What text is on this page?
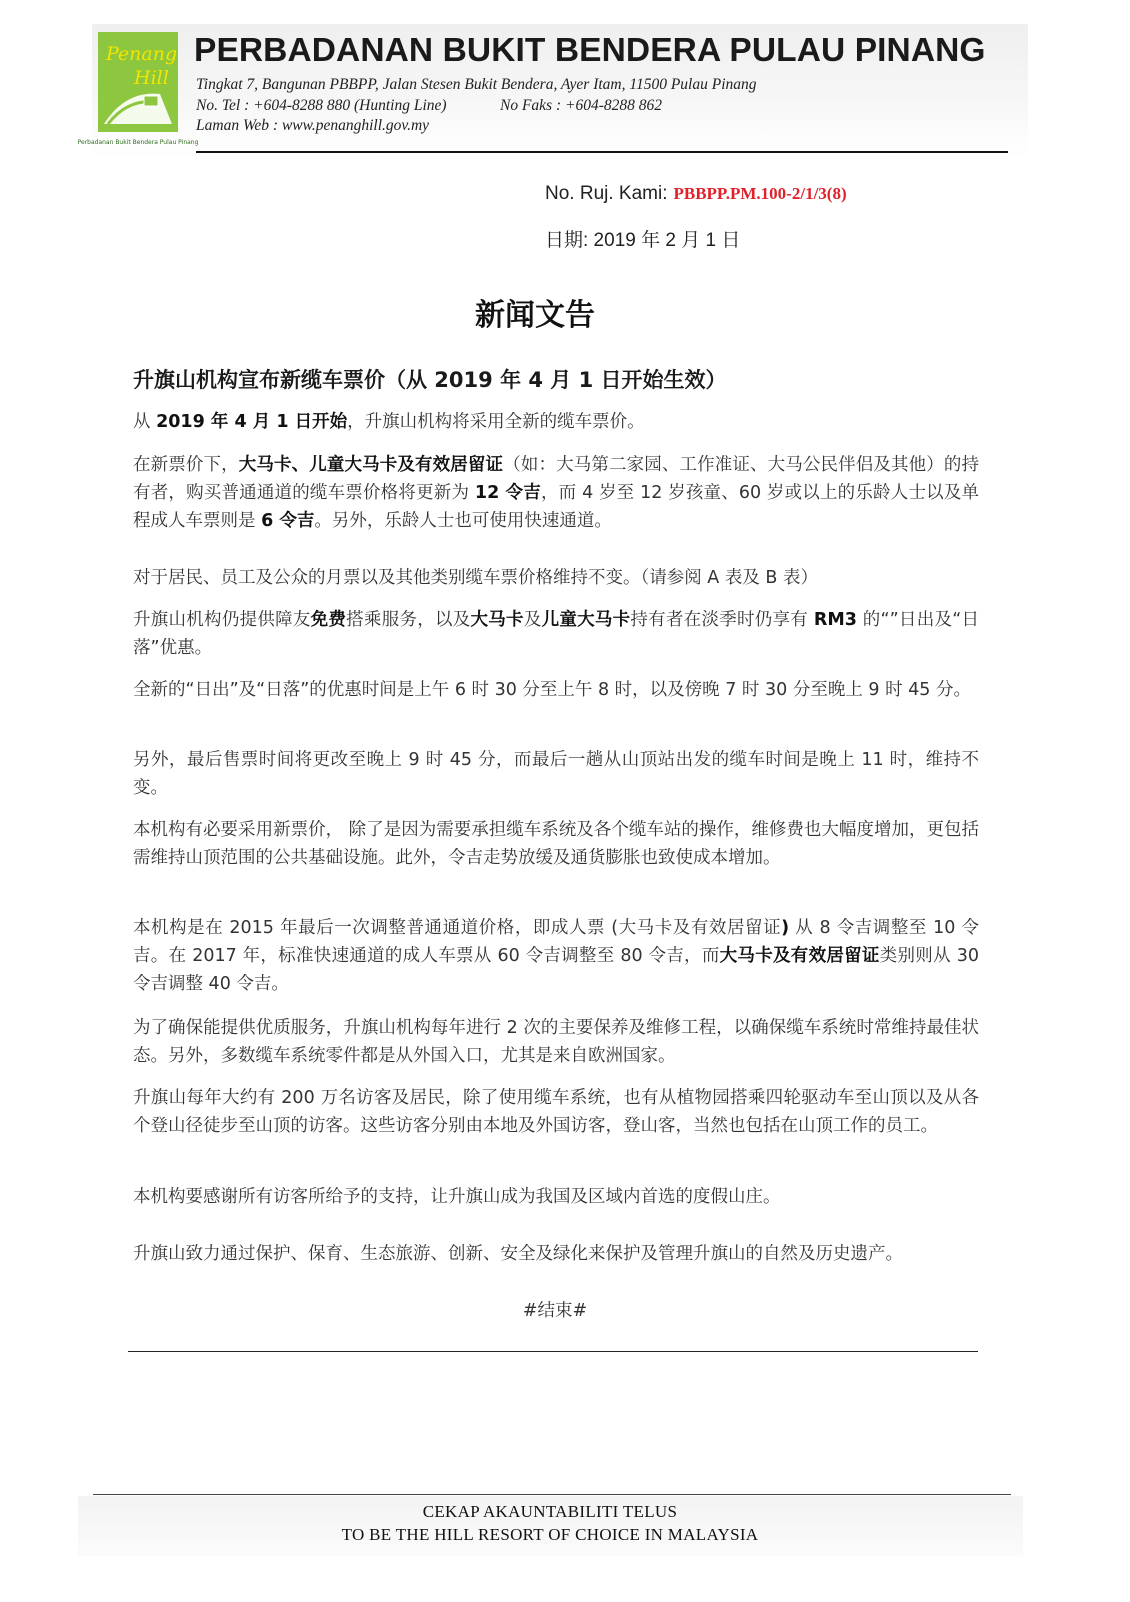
Penang
Hill
Perbadanan Bukit Bendera Pulau Pinang
PERBADANAN BUKIT BENDERA PULAU PINANG
Tingkat 7, Bangunan PBBPP, Jalan Stesen Bukit Bendera, Ayer Itam, 11500 Pulau Pinang
No. Tel : +604-8288 880 (Hunting Line)	No Faks : +604-8288 862
Laman Web : www.penanghill.gov.my
No. Ruj. Kami: PBBPP.PM.100-2/1/3(8)
日期: 2019 年 2 月 1 日
新闻文告
升旗山机构宣布新缆车票价（从 2019 年 4 月 1 日开始生效）
从 2019 年 4 月 1 日开始，升旗山机构将采用全新的缆车票价。
在新票价下，大马卡、儿童大马卡及有效居留证（如：大马第二家园、工作准证、大马公民伴侣及其他）的持有者，购买普通通道的缆车票价格将更新为 12 令吉，而 4 岁至 12 岁孩童、60 岁或以上的乐龄人士以及单程成人车票则是 6 令吉。另外，乐龄人士也可使用快速通道。
对于居民、员工及公众的月票以及其他类别缆车票价格维持不变。（请参阅 A 表及 B 表）
升旗山机构仍提供障友免费搭乘服务，以及大马卡及儿童大马卡持有者在淡季时仍享有 RM3 的“”日出及“日落”优惠。
全新的“日出”及“日落”的优惠时间是上午 6 时 30 分至上午 8 时，以及傍晚 7 时 30 分至晚上 9 时 45 分。
另外，最后售票时间将更改至晚上 9 时 45 分，而最后一趟从山顶站出发的缆车时间是晚上 11 时，维持不变。
本机构有必要采用新票价， 除了是因为需要承担缆车系统及各个缆车站的操作，维修费也大幅度增加，更包括需维持山顶范围的公共基础设施。此外，令吉走势放缓及通货膨胀也致使成本增加。
本机构是在 2015 年最后一次调整普通通道价格，即成人票 (大马卡及有效居留证) 从 8 令吉调整至 10 令吉。在 2017 年，标准快速通道的成人车票从 60 令吉调整至 80 令吉，而大马卡及有效居留证类别则从 30 令吉调整 40 令吉。
为了确保能提供优质服务，升旗山机构每年进行 2 次的主要保养及维修工程，以确保缆车系统时常维持最佳状态。另外，多数缆车系统零件都是从外国入口，尤其是来自欧洲国家。
升旗山每年大约有 200 万名访客及居民，除了使用缆车系统，也有从植物园搭乘四轮驱动车至山顶以及从各个登山径徒步至山顶的访客。这些访客分别由本地及外国访客，登山客，当然也包括在山顶工作的员工。
本机构要感谢所有访客所给予的支持，让升旗山成为我国及区域内首选的度假山庄。
升旗山致力通过保护、保育、生态旅游、创新、安全及绿化来保护及管理升旗山的自然及历史遗产。
#结束#
CEKAP AKAUNTABILITI TELUS
TO BE THE HILL RESORT OF CHOICE IN MALAYSIA
